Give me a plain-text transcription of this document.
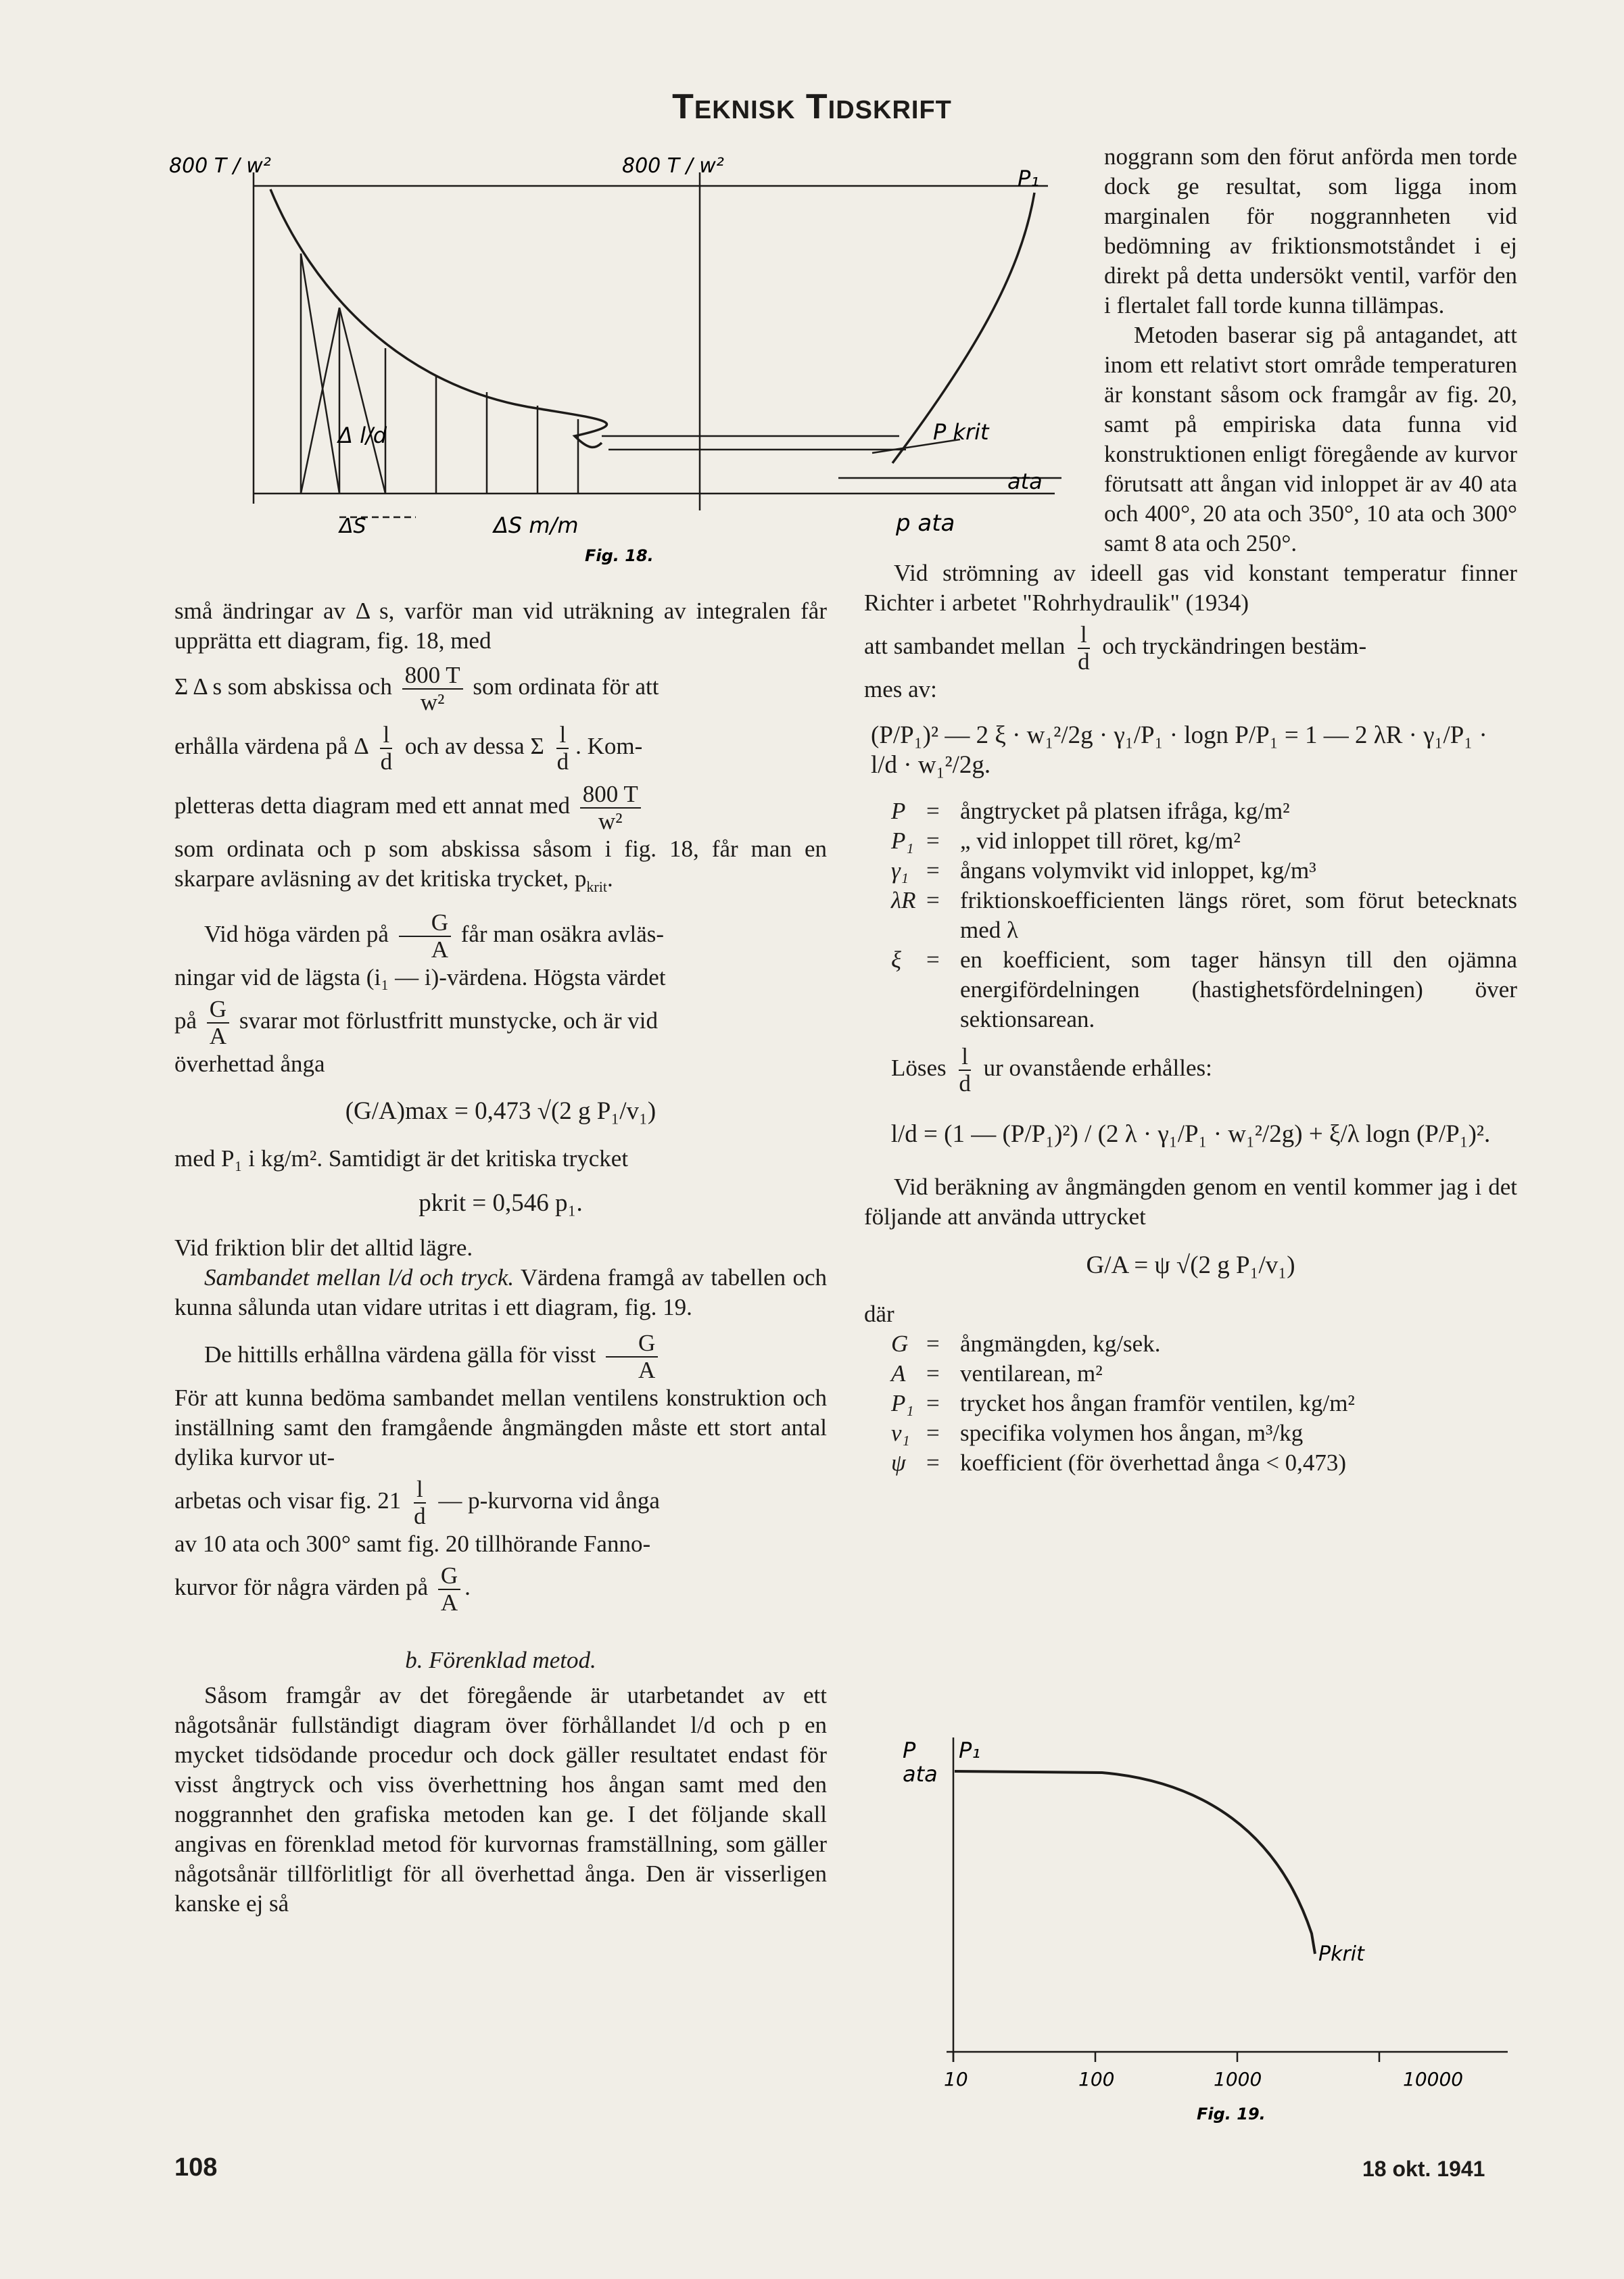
TEKNISK TIDSKRIFT
800 T / w²	800 T / w²	P₁
P krit
ata
Δ l/d
ΔS	ΔS m/m	p ata
Fig. 18.

små ändringar av Δ s, varför man vid uträkning av integralen får upprätta ett diagram, fig. 18, med

Σ Δ s som abskissa och $\frac{800 T}{\text{w²}}$ som ordinata för att

erhålla värdena på Δ $\frac{l}{d}$ och av dessa Σ $\frac{l}{d}$ . Kom-

pletteras detta diagram med ett annat med $\frac{800 T}{\text{w²}}$

som ordinata och p som abskissa såsom i fig. 18, får man en skarpare avläsning av det kritiska trycket, $p_{krit}$.

Vid höga värden på $\frac{G}{A}$ får man osäkra avläs-

ningar vid de lägsta (i₁ — i)-värdena. Högsta värdet

på $\frac{G}{A}$ svarar mot förlustfritt munstycke, och är vid

överhettad ånga

(G/A)max = 0,473 √(2 g P₁/v₁)

med P₁ i kg/m². Samtidigt är det kritiska trycket

pkrit = 0,546 p₁.

Vid friktion blir det alltid lägre.

Sambandet mellan l/d och tryck. Värdena framgå av tabellen och kunna sålunda utan vidare utritas i ett diagram, fig. 19.

De hittills erhållna värdena gälla för visst $\frac{G}{A}$

För att kunna bedöma sambandet mellan ventilens konstruktion och inställning samt den framgående ångmängden måste ett stort antal dylika kurvor ut-

arbetas och visar fig. $21 \frac{l}{d}$ — p-kurvorna vid ånga

av 10 ata och 300° samt fig. 20 tillhörande Fanno-

kurvor för några värden på $\frac{G}{A}$ .

b. Förenklad metod.

Såsom framgår av det föregående är utarbetandet av ett någotsånär fullständigt diagram över förhållandet l/d och p en mycket tidsödande procedur och dock gäller resultatet endast för visst ångtryck och viss överhettning hos ångan samt med den noggrannhet den grafiska metoden kan ge. I det följande skall angivas en förenklad metod för kurvornas framställning, som gäller någotsånär tillförlitligt för all överhettad ånga. Den är visserligen kanske ej så

noggrann som den förut anförda men torde dock ge resultat, som ligga inom marginalen för noggrannheten vid bedömning av friktionsmotståndet i ej direkt på detta undersökt ventil, varför den i flertalet fall torde kunna tillämpas.

Metoden baserar sig på antagandet, att inom ett relativt stort område temperaturen är konstant såsom ock framgår av fig. 20, samt på empiriska data funna vid konstruktionen enligt föregående av kurvor förutsatt att ångan vid inloppet är av 40 ata och 400°, 20 ata och 350°, 10 ata och 300° samt 8 ata och 250°.

Vid strömning av ideell gas vid konstant temperatur finner Richter i arbetet "Rohrhydraulik" (1934)

att sambandet mellan $\frac{l}{d}$ och tryckändringen bestäm-

mes av:

(P/P₁)² — 2 ξ · w₁²/2g · γ₁/P₁ · logn P/P₁ = 1 — 2 λR · γ₁/P₁ · l/d · w₁²/2g.

P = ångtrycket på platsen ifråga, kg/m²
P₁ = „ vid inloppet till röret, kg/m²
γ₁ = ångans volymvikt vid inloppet, kg/m³
λR = friktionskoefficienten längs röret, som förut betecknats med λ
ξ	= en koefficient, som tager hänsyn till den ojämna energifördelningen (hastighetsfördelningen) över sektionsarean.

Löses $\frac{l}{d}$ ur ovanstående erhålles:

l/d = (1 — (P/P₁)²) / (2 λ · γ₁/P₁ · w₁²/2g) + ξ/λ logn (P/P₁)².

Vid beräkning av ångmängden genom en ventil kommer jag i det följande att använda uttrycket

G/A = ψ √(2 g P₁/v₁)

där

G = ångmängden, kg/sek.
A = ventilarean, m²
P₁ = trycket hos ångan framför ventilen, kg/m²
v₁ = specifika volymen hos ångan, m³/kg
ψ = koefficient (för överhettad ånga < 0,473)
P
ata
P₁
Pkrit
10	100	1000	10000
Fig. 19.
108	18 okt. 1941
